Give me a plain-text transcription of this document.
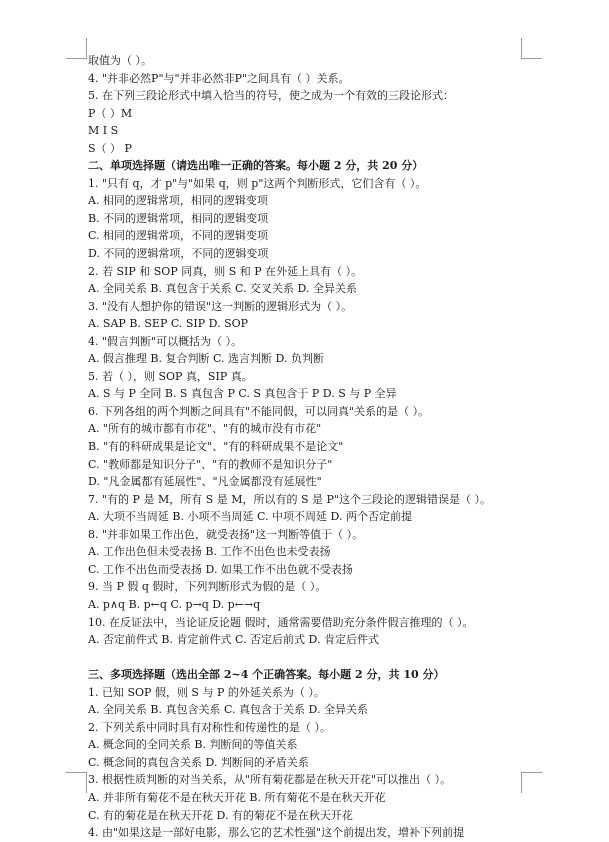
取值为（ ）。
4. "并非必然P"与"并非必然非P"之间具有（ ）关系。
5. 在下列三段论形式中填入恰当的符号，使之成为一个有效的三段论形式：
P（ ）M
M I S
S（ ） P
二、单项选择题（请选出唯一正确的答案。每小题 2 分，共 20 分）
1. "只有 q，才 p"与"如果 q，则 p"这两个判断形式，它们含有（ ）。
A. 相同的逻辑常项，相同的逻辑变项
B. 不同的逻辑常项，相同的逻辑变项
C. 相同的逻辑常项，不同的逻辑变项
D. 不同的逻辑常项，不同的逻辑变项
2. 若 SIP 和 SOP 同真，则 S 和 P 在外延上具有（ ）。
A. 全同关系 B. 真包含于关系 C. 交叉关系 D. 全异关系
3. "没有人想护你的错误"这一判断的逻辑形式为（ ）。
A. SAP B. SEP C. SIP D. SOP
4. "假言判断"可以概括为（ ）。
A. 假言推理 B. 复合判断 C. 选言判断 D. 负判断
5. 若（ ），则 SOP 真，SIP 真。
A. S 与 P 全同 B. S 真包含 P C. S 真包含于 P D. S 与 P 全异
6. 下列各组的两个判断之间具有"不能同假，可以同真"关系的是（ ）。
A. "所有的城市都有市花"、"有的城市没有市花"
B. "有的科研成果是论文"、"有的科研成果不是论文"
C. "教师都是知识分子"、"有的教师不是知识分子"
D. "凡金属都有延展性"、"凡金属都没有延展性"
7. "有的 P 是 M，所有 S 是 M，所以有的 S 是 P"这个三段论的逻辑错误是（ ）。
A. 大项不当周延 B. 小项不当周延 C. 中项不周延 D. 两个否定前提
8. "并非如果工作出色，就受表扬"这一判断等值于（ ）。
A. 工作出色但未受表扬 B. 工作不出色也未受表扬
C. 工作不出色而受表扬 D. 如果工作不出色就不受表扬
9. 当 P 假 q 假时，下列判断形式为假的是（ ）。
A. p∧q B. p←q C. p→q D. p←→q
10. 在反证法中，当论证反论题 假时，通常需要借助充分条件假言推理的（ ）。
A. 否定前件式 B. 肯定前件式 C. 否定后前式 D. 肯定后件式
三、多项选择题（选出全部 2~4 个正确答案。每小题 2 分，共 10 分）
1. 已知 SOP 假，则 S 与 P 的外延关系为（ ）。
A. 全同关系 B. 真包含关系 C. 真包含于关系 D. 全异关系
2. 下列关系中同时具有对称性和传递性的是（ ）。
A. 概念间的全同关系 B. 判断间的等值关系
C. 概念间的真包含关系 D. 判断间的矛盾关系
3. 根据性质判断的对当关系，从"所有菊花都是在秋天开花"可以推出（ ）。
A. 并非所有菊花不是在秋天开花 B. 所有菊花不是在秋天开花
C. 有的菊花是在秋天开花 D. 有的菊花不是在秋天开花
4. 由"如果这是一部好电影，那么它的艺术性强"这个前提出发，增补下列前提
